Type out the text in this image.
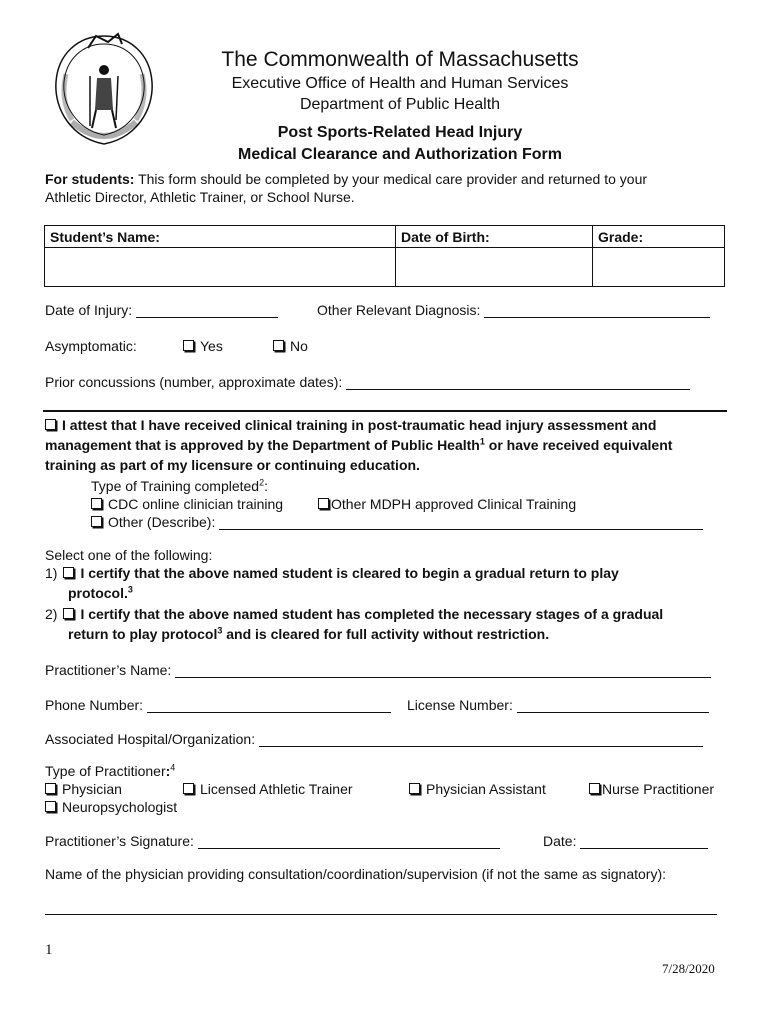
The Commonwealth of Massachusetts
Executive Office of Health and Human Services
Department of Public Health
Post Sports-Related Head Injury
Medical Clearance and Authorization Form
For students: This form should be completed by your medical care provider and returned to your
Athletic Director, Athletic Trainer, or School Nurse.
Student’s Name:	Date of Birth:	Grade:

Date of Injury:	Other Relevant Diagnosis:
Asymptomatic:	Yes	No
Prior concussions (number, approximate dates):
I attest that I have received clinical training in post-traumatic head injury assessment and
management that is approved by the Department of Public Health$^1$ or have received equivalent
training as part of my licensure or continuing education.
Type of Training completed$^2$:
CDC online clinician training	Other MDPH approved Clinical Training
Other (Describe):
Select one of the following:
1) I certify that the above named student is cleared to begin a gradual return to play
protocol.$^3$
2) I certify that the above named student has completed the necessary stages of a gradual
return to play protocol$^3$ and is cleared for full activity without restriction.
Practitioner’s Name:
Phone Number:	License Number:
Associated Hospital/Organization:
Type of Practitioner:$^4$
Physician	Licensed Athletic Trainer	Physician Assistant	Nurse Practitioner
Neuropsychologist
Practitioner’s Signature:	Date:
Name of the physician providing consultation/coordination/supervision (if not the same as signatory):
1
7/28/2020
